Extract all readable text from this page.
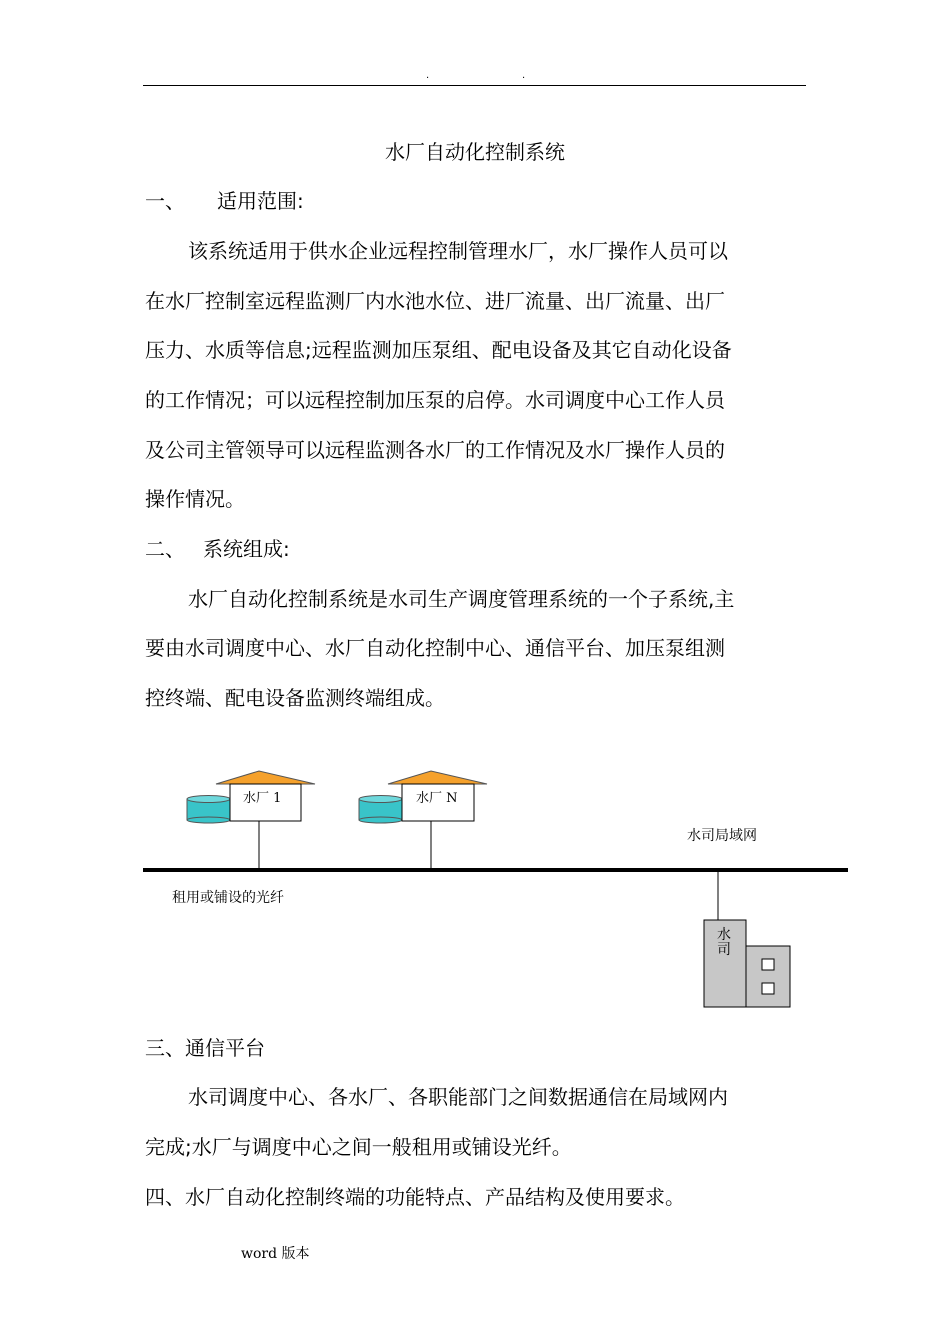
.	.
水厂自动化控制系统
一、 适用范围:
该系统适用于供水企业远程控制管理水厂，水厂操作人员可以
在水厂控制室远程监测厂内水池水位、进厂流量、出厂流量、出厂
压力、水质等信息;远程监测加压泵组、配电设备及其它自动化设备
的工作情况；可以远程控制加压泵的启停。水司调度中心工作人员
及公司主管领导可以远程监测各水厂的工作情况及水厂操作人员的
操作情况。
二、 系统组成:
水厂自动化控制系统是水司生产调度管理系统的一个子系统,主
要由水司调度中心、水厂自动化控制中心、通信平台、加压泵组测
控终端、配电设备监测终端组成。
水厂 1	水厂 N
水司局域网
租用或铺设的光纤
水
司
三、通信平台
水司调度中心、各水厂、各职能部门之间数据通信在局域网内
完成;水厂与调度中心之间一般租用或铺设光纤。
四、水厂自动化控制终端的功能特点、产品结构及使用要求。
word 版本
